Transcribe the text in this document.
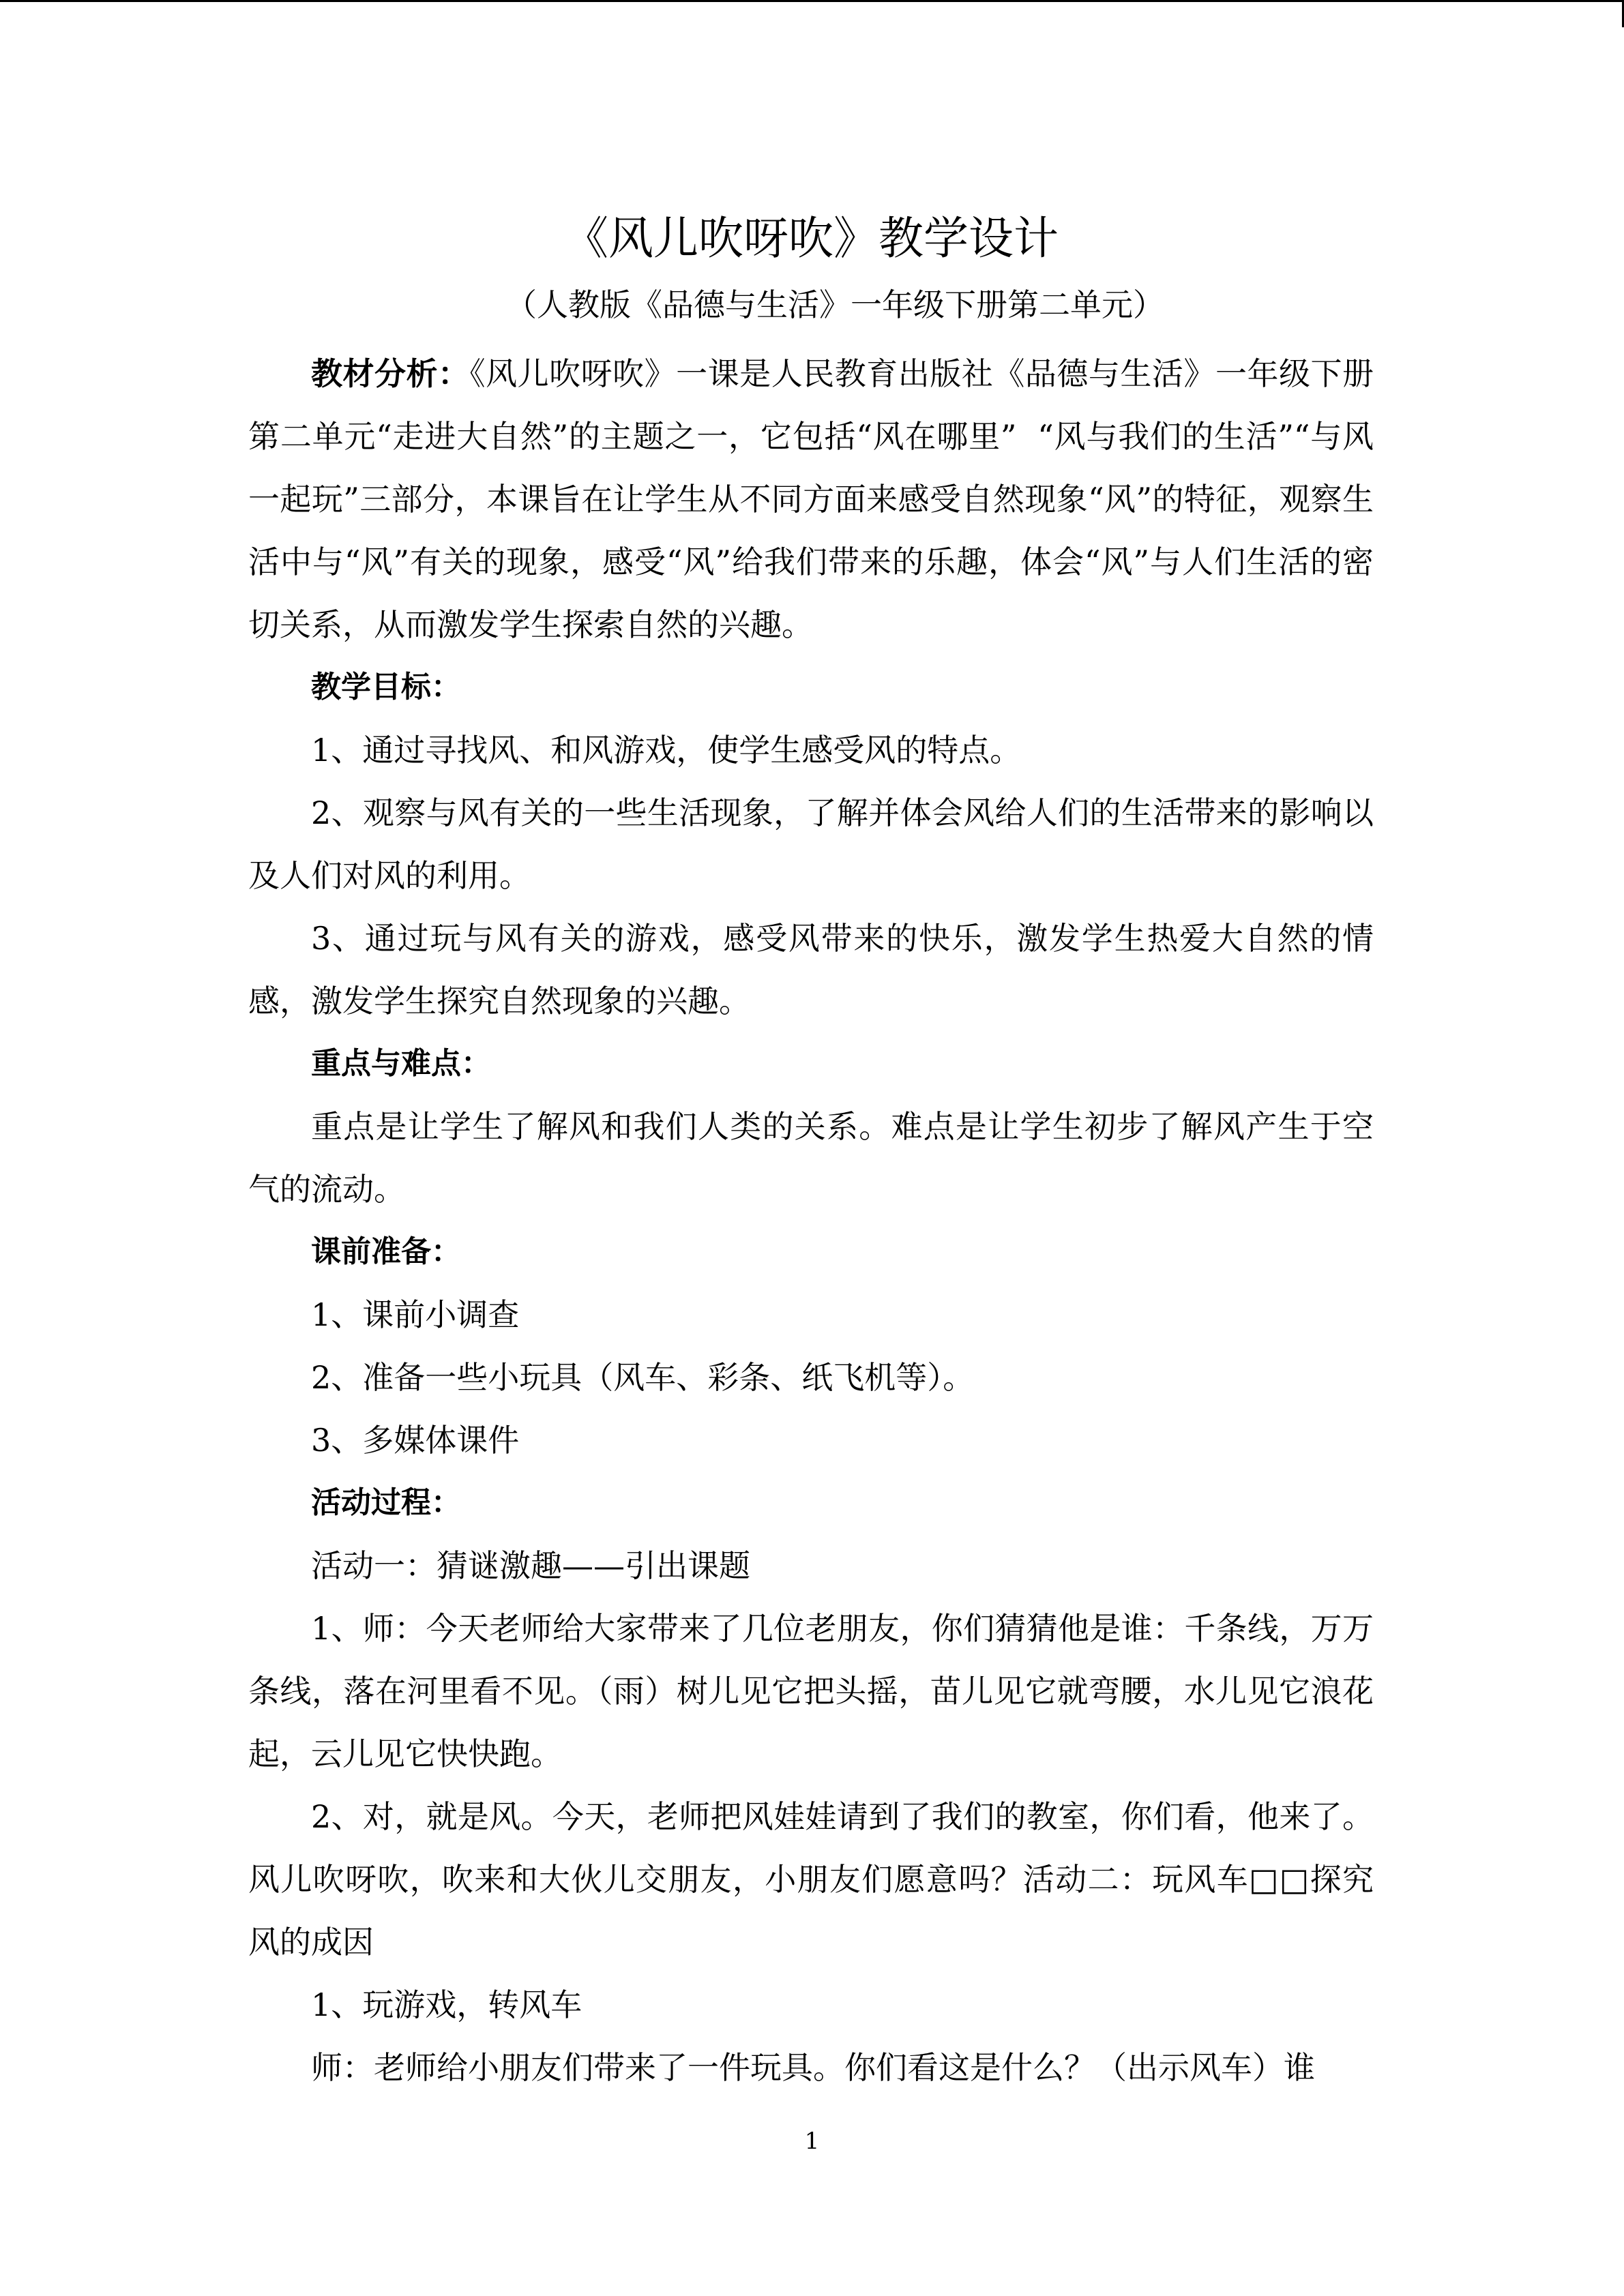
《风儿吹呀吹》教学设计

（人教版《品德与生活》一年级下册第二单元）

教材分析：《风儿吹呀吹》一课是人民教育出版社《品德与生活》一年级下册第二单元“走进大自然”的主题之一，它包括“风在哪里”  “风与我们的生活”“与风一起玩”三部分，本课旨在让学生从不同方面来感受自然现象“风”的特征，观察生活中与“风”有关的现象，感受“风”给我们带来的乐趣，体会“风”与人们生活的密切关系，从而激发学生探索自然的兴趣。

教学目标：

1、通过寻找风、和风游戏，使学生感受风的特点。

2、观察与风有关的一些生活现象，了解并体会风给人们的生活带来的影响以及人们对风的利用。

3、通过玩与风有关的游戏，感受风带来的快乐，激发学生热爱大自然的情感，激发学生探究自然现象的兴趣。

重点与难点：

重点是让学生了解风和我们人类的关系。难点是让学生初步了解风产生于空气的流动。

课前准备：

1、课前小调查

2、准备一些小玩具（风车、彩条、纸飞机等）。

3、多媒体课件

活动过程：

活动一：猜谜激趣——引出课题

1、师：今天老师给大家带来了几位老朋友，你们猜猜他是谁：千条线，万万条线，落在河里看不见。（雨）树儿见它把头摇，苗儿见它就弯腰，水儿见它浪花起，云儿见它快快跑。

2、对，就是风。今天，老师把风娃娃请到了我们的教室，你们看，他来了。风儿吹呀吹，吹来和大伙儿交朋友，小朋友们愿意吗？活动二：玩风车□□探究风的成因

1、玩游戏，转风车

师：老师给小朋友们带来了一件玩具。你们看这是什么？（出示风车）谁

1
